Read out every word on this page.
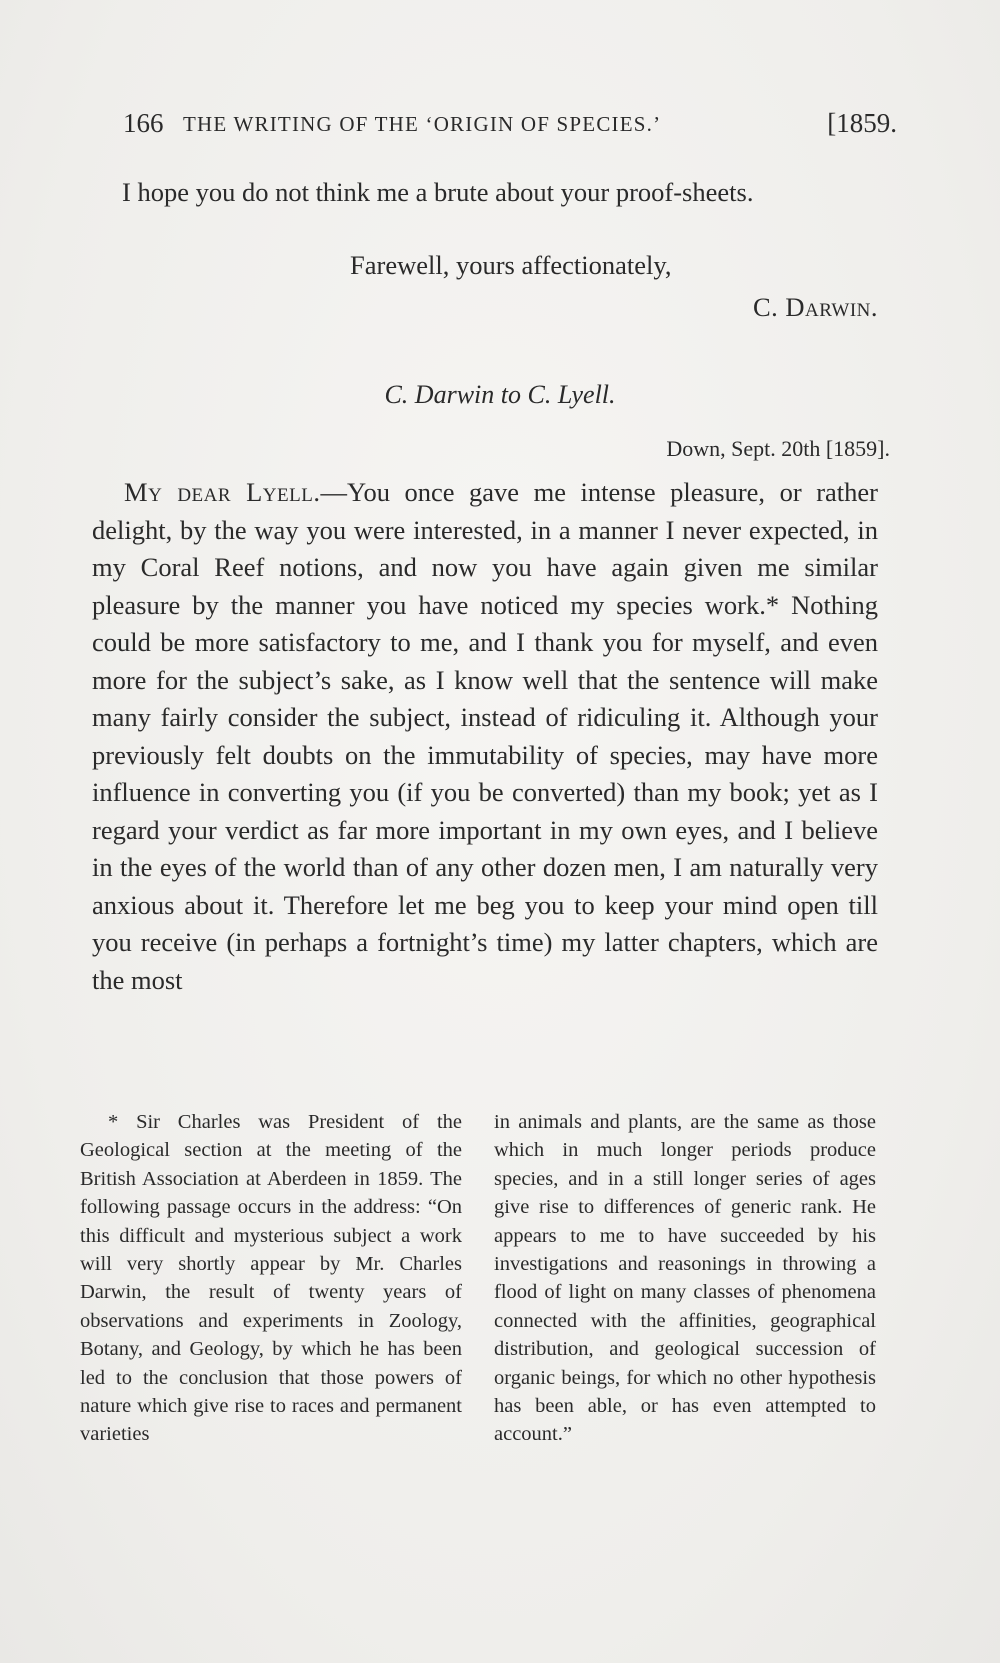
166 THE WRITING OF THE ‘ORIGIN OF SPECIES.’	[1859.
I hope you do not think me a brute about your proof-sheets.
Farewell, yours affectionately,
C. Darwin.
C. Darwin to C. Lyell.
Down, Sept. 20th [1859].
My dear Lyell.—You once gave me intense pleasure, or rather delight, by the way you were interested, in a manner I never expected, in my Coral Reef notions, and now you have again given me similar pleasure by the manner you have noticed my species work.* Nothing could be more satisfactory to me, and I thank you for myself, and even more for the subject’s sake, as I know well that the sentence will make many fairly consider the subject, instead of ridiculing it. Although your previously felt doubts on the immutability of species, may have more influence in converting you (if you be converted) than my book; yet as I regard your verdict as far more important in my own eyes, and I believe in the eyes of the world than of any other dozen men, I am naturally very anxious about it. Therefore let me beg you to keep your mind open till you receive (in perhaps a fortnight’s time) my latter chapters, which are the most
* Sir Charles was President of the Geological section at the meeting of the British Association at Aberdeen in 1859. The following passage occurs in the address: “On this difficult and mysterious subject a work will very shortly appear by Mr. Charles Darwin, the result of twenty years of observations and experiments in Zoology, Botany, and Geology, by which he has been led to the conclusion that those powers of nature which give rise to races and permanent varieties
in animals and plants, are the same as those which in much longer periods produce species, and in a still longer series of ages give rise to differences of generic rank. He appears to me to have succeeded by his investigations and reasonings in throwing a flood of light on many classes of phenomena connected with the affinities, geographical distribution, and geological succession of organic beings, for which no other hypothesis has been able, or has even attempted to account.”
